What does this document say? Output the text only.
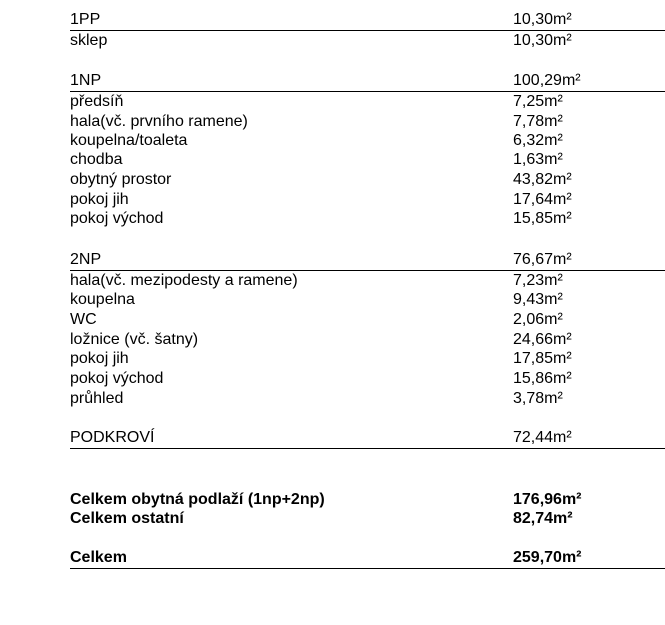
1PP	10,30m²
sklep	10,30m²
1NP	100,29m²
předsíň	7,25m²
hala(vč. prvního ramene)	7,78m²
koupelna/toaleta	6,32m²
chodba	1,63m²
obytný prostor	43,82m²
pokoj jih	17,64m²
pokoj východ	15,85m²
2NP	76,67m²
hala(vč. mezipodesty a ramene)	7,23m²
koupelna	9,43m²
WC	2,06m²
ložnice (vč. šatny)	24,66m²
pokoj jih	17,85m²
pokoj východ	15,86m²
průhled	3,78m²
PODKROVÍ	72,44m²
Celkem obytná podlaží (1np+2np)	176,96m²
Celkem ostatní	82,74m²
Celkem	259,70m²
